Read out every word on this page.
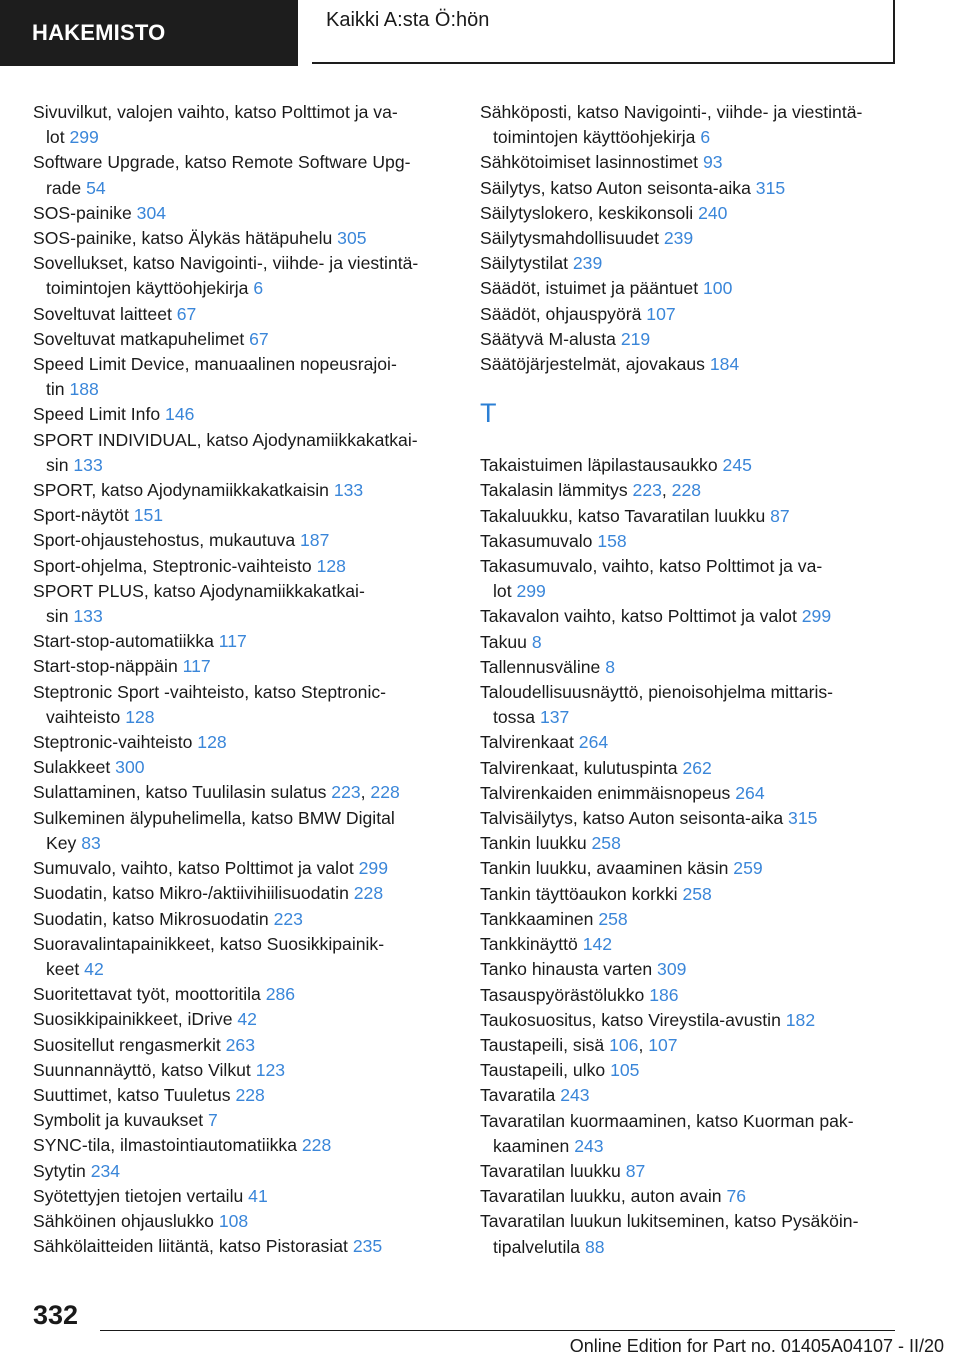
HAKEMISTO	Kaikki A:sta Ö:hön
Sivuvilkut, valojen vaihto, katso Polttimot ja va-
lot 299
Software Upgrade, katso Remote Software Upg-
rade 54
SOS-painike 304
SOS-painike, katso Älykäs hätäpuhelu 305
Sovellukset, katso Navigointi-, viihde- ja viestintä-
toimintojen käyttöohjekirja 6
Soveltuvat laitteet 67
Soveltuvat matkapuhelimet 67
Speed Limit Device, manuaalinen nopeusrajoi-
tin 188
Speed Limit Info 146
SPORT INDIVIDUAL, katso Ajodynamiikkakatkai-
sin 133
SPORT, katso Ajodynamiikkakatkaisin 133
Sport-näytöt 151
Sport-ohjaustehostus, mukautuva 187
Sport-ohjelma, Steptronic-vaihteisto 128
SPORT PLUS, katso Ajodynamiikkakatkai-
sin 133
Start-stop-automatiikka 117
Start-stop-näppäin 117
Steptronic Sport -vaihteisto, katso Steptronic-
vaihteisto 128
Steptronic-vaihteisto 128
Sulakkeet 300
Sulattaminen, katso Tuulilasin sulatus 223, 228
Sulkeminen älypuhelimella, katso BMW Digital
Key 83
Sumuvalo, vaihto, katso Polttimot ja valot 299
Suodatin, katso Mikro-/aktiivihiilisuodatin 228
Suodatin, katso Mikrosuodatin 223
Suoravalintapainikkeet, katso Suosikkipainik-
keet 42
Suoritettavat työt, moottoritila 286
Suosikkipainikkeet, iDrive 42
Suositellut rengasmerkit 263
Suunnannäyttö, katso Vilkut 123
Suuttimet, katso Tuuletus 228
Symbolit ja kuvaukset 7
SYNC-tila, ilmastointiautomatiikka 228
Sytytin 234
Syötettyjen tietojen vertailu 41
Sähköinen ohjauslukko 108
Sähkölaitteiden liitäntä, katso Pistorasiat 235
Sähköposti, katso Navigointi-, viihde- ja viestintä-
toimintojen käyttöohjekirja 6
Sähkötoimiset lasinnostimet 93
Säilytys, katso Auton seisonta-aika 315
Säilytyslokero, keskikonsoli 240
Säilytysmahdollisuudet 239
Säilytystilat 239
Säädöt, istuimet ja pääntuet 100
Säädöt, ohjauspyörä 107
Säätyvä M-alusta 219
Säätöjärjestelmät, ajovakaus 184
T
Takaistuimen läpilastausaukko 245
Takalasin lämmitys 223, 228
Takaluukku, katso Tavaratilan luukku 87
Takasumuvalo 158
Takasumuvalo, vaihto, katso Polttimot ja va-
lot 299
Takavalon vaihto, katso Polttimot ja valot 299
Takuu 8
Tallennusväline 8
Taloudellisuusnäyttö, pienoisohjelma mittaris-
tossa 137
Talvirenkaat 264
Talvirenkaat, kulutuspinta 262
Talvirenkaiden enimmäisnopeus 264
Talvisäilytys, katso Auton seisonta-aika 315
Tankin luukku 258
Tankin luukku, avaaminen käsin 259
Tankin täyttöaukon korkki 258
Tankkaaminen 258
Tankkinäyttö 142
Tanko hinausta varten 309
Tasauspyörästölukko 186
Taukosuositus, katso Vireystila-avustin 182
Taustapeili, sisä 106, 107
Taustapeili, ulko 105
Tavaratila 243
Tavaratilan kuormaaminen, katso Kuorman pak-
kaaminen 243
Tavaratilan luukku 87
Tavaratilan luukku, auton avain 76
Tavaratilan luukun lukitseminen, katso Pysäköin-
tipalvelutila 88
332
Online Edition for Part no. 01405A04107 - II/20
